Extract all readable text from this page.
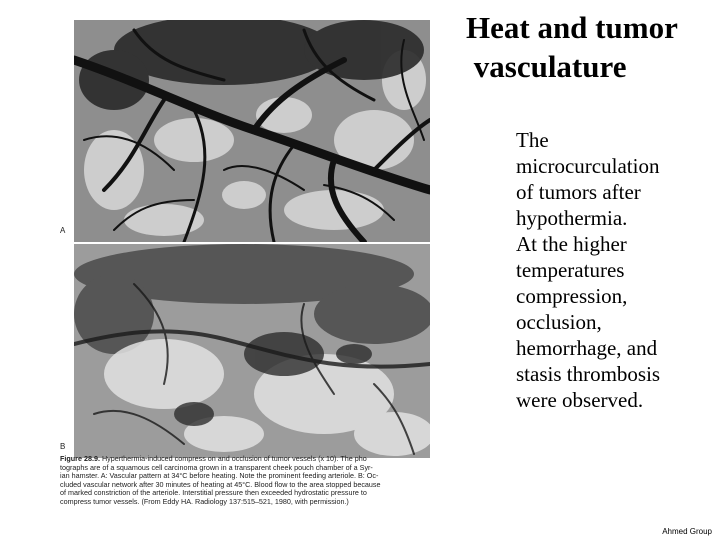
Heat and tumor
vasculature
The
microcurculation
of tumors after
hypothermia.
At the higher
temperatures
compression,
occlusion,
hemorrhage, and
stasis thrombosis
were observed.
A
B
Figure 28.9. Hyperthermia-induced compress on and occlusion of tumor vessels (x 10). The pho
tographs are of a squamous cell carcinoma grown in a transparent cheek pouch chamber of a Syr-
ian hamster. A: Vascular pattern at 34°C before heating. Note the prominent feeding arteriole. B: Oc-
cluded vascular network after 30 minutes of heating at 45°C. Blood flow to the area stopped because
of marked constriction of the arteriole. Interstitial pressure then exceeded hydrostatic pressure to
compress tumor vessels. (From Eddy HA. Radiology 137:515–521, 1980, with permission.)
Ahmed Group
